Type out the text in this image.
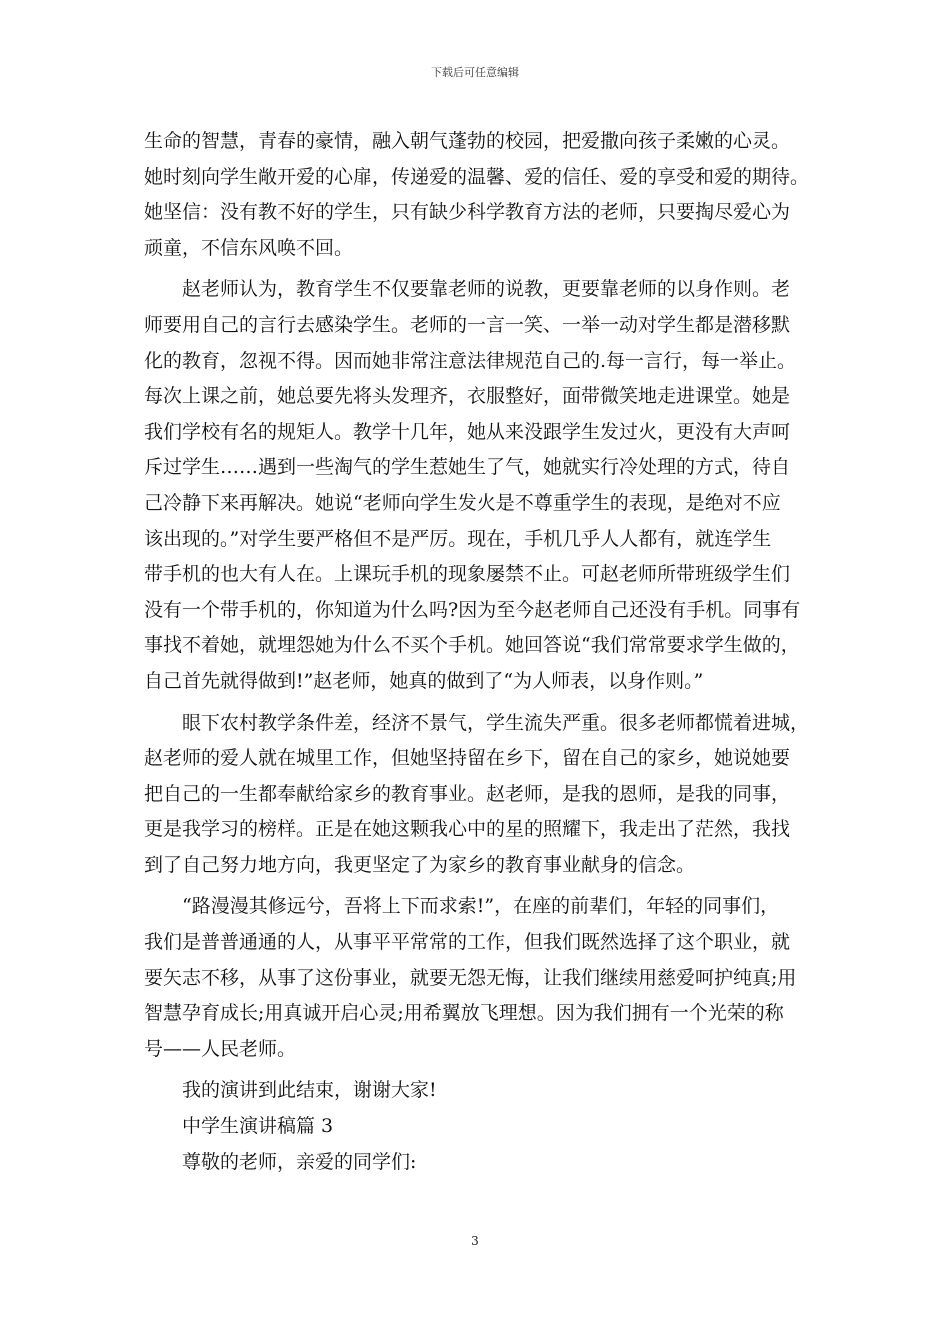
下载后可任意编辑
生命的智慧，青春的豪情，融入朝气蓬勃的校园，把爱撒向孩子柔嫩的心灵。
她时刻向学生敞开爱的心扉，传递爱的温馨、爱的信任、爱的享受和爱的期待。
她坚信：没有教不好的学生，只有缺少科学教育方法的老师，只要掏尽爱心为
顽童，不信东风唤不回。
赵老师认为，教育学生不仅要靠老师的说教，更要靠老师的以身作则。老
师要用自己的言行去感染学生。老师的一言一笑、一举一动对学生都是潜移默
化的教育，忽视不得。因而她非常注意法律规范自己的.每一言行，每一举止。
每次上课之前，她总要先将头发理齐，衣服整好，面带微笑地走进课堂。她是
我们学校有名的规矩人。教学十几年，她从来没跟学生发过火，更没有大声呵
斥过学生……遇到一些淘气的学生惹她生了气，她就实行冷处理的方式，待自
己冷静下来再解决。她说“老师向学生发火是不尊重学生的表现，是绝对不应
该出现的。”对学生要严格但不是严厉。现在，手机几乎人人都有，就连学生
带手机的也大有人在。上课玩手机的现象屡禁不止。可赵老师所带班级学生们
没有一个带手机的，你知道为什么吗?因为至今赵老师自己还没有手机。同事有
事找不着她，就埋怨她为什么不买个手机。她回答说“我们常常要求学生做的，
自己首先就得做到!”赵老师，她真的做到了“为人师表，以身作则。”
眼下农村教学条件差，经济不景气，学生流失严重。很多老师都慌着进城，
赵老师的爱人就在城里工作，但她坚持留在乡下，留在自己的家乡，她说她要
把自己的一生都奉献给家乡的教育事业。赵老师，是我的恩师，是我的同事，
更是我学习的榜样。正是在她这颗我心中的星的照耀下，我走出了茫然，我找
到了自己努力地方向，我更坚定了为家乡的教育事业献身的信念。
“路漫漫其修远兮，吾将上下而求索!”，在座的前辈们，年轻的同事们，
我们是普普通通的人，从事平平常常的工作，但我们既然选择了这个职业，就
要矢志不移，从事了这份事业，就要无怨无悔，让我们继续用慈爱呵护纯真;用
智慧孕育成长;用真诚开启心灵;用希翼放飞理想。因为我们拥有一个光荣的称
号——人民老师。
我的演讲到此结束，谢谢大家!
中学生演讲稿篇 3
尊敬的老师，亲爱的同学们:
3
